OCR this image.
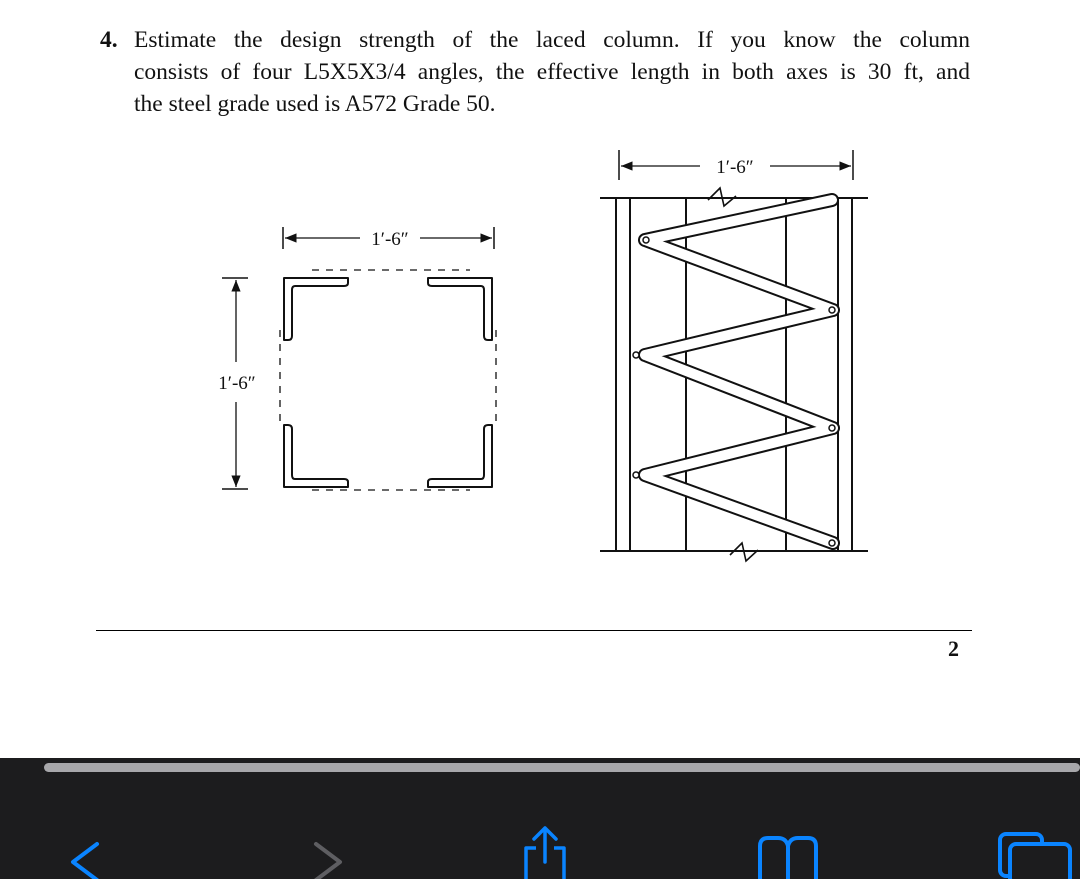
4. Estimate the design strength of the laced column. If you know the column
consists of four L5X5X3/4 angles, the effective length in both axes is 30 ft, and
the steel grade used is A572 Grade 50.
1′-6″
1′-6″
1′-6″
2
